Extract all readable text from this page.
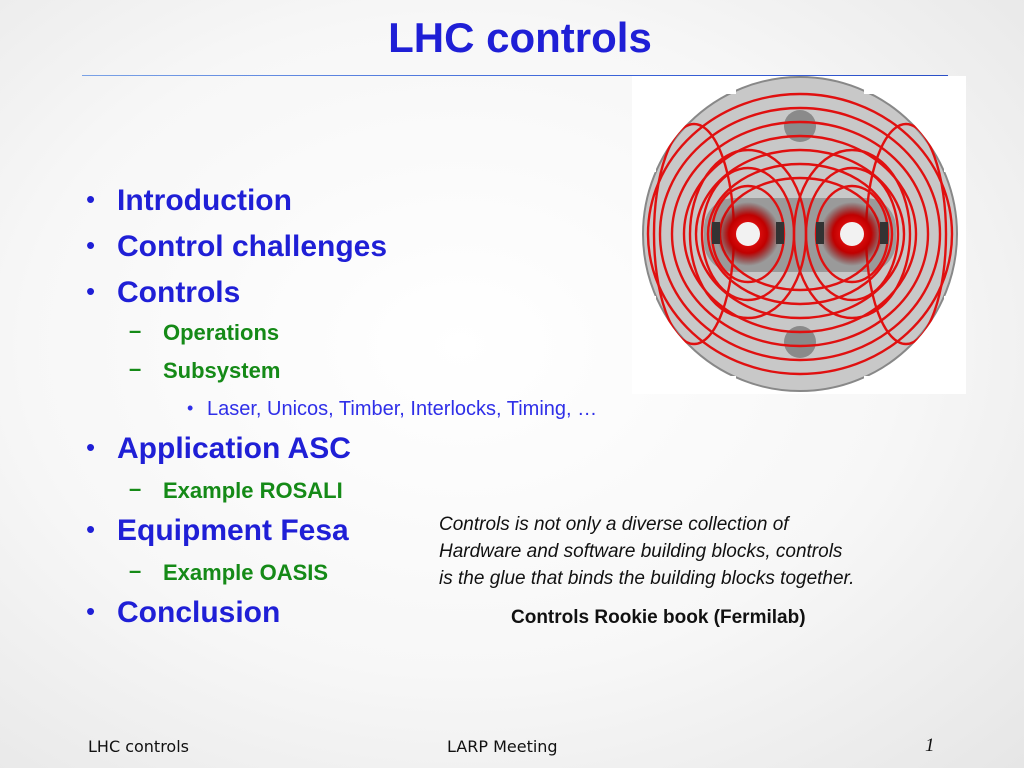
LHC controls
• Introduction
• Control challenges
• Controls
– Operations
– Subsystem
• Laser, Unicos, Timber, Interlocks, Timing, …
• Application ASC
– Example ROSALI
• Equipment Fesa
– Example OASIS
• Conclusion
Controls is not only a diverse collection of
Hardware and software building blocks, controls
is the glue that binds the building blocks together.
Controls Rookie book (Fermilab)
LHC controls	LARP Meeting	1
